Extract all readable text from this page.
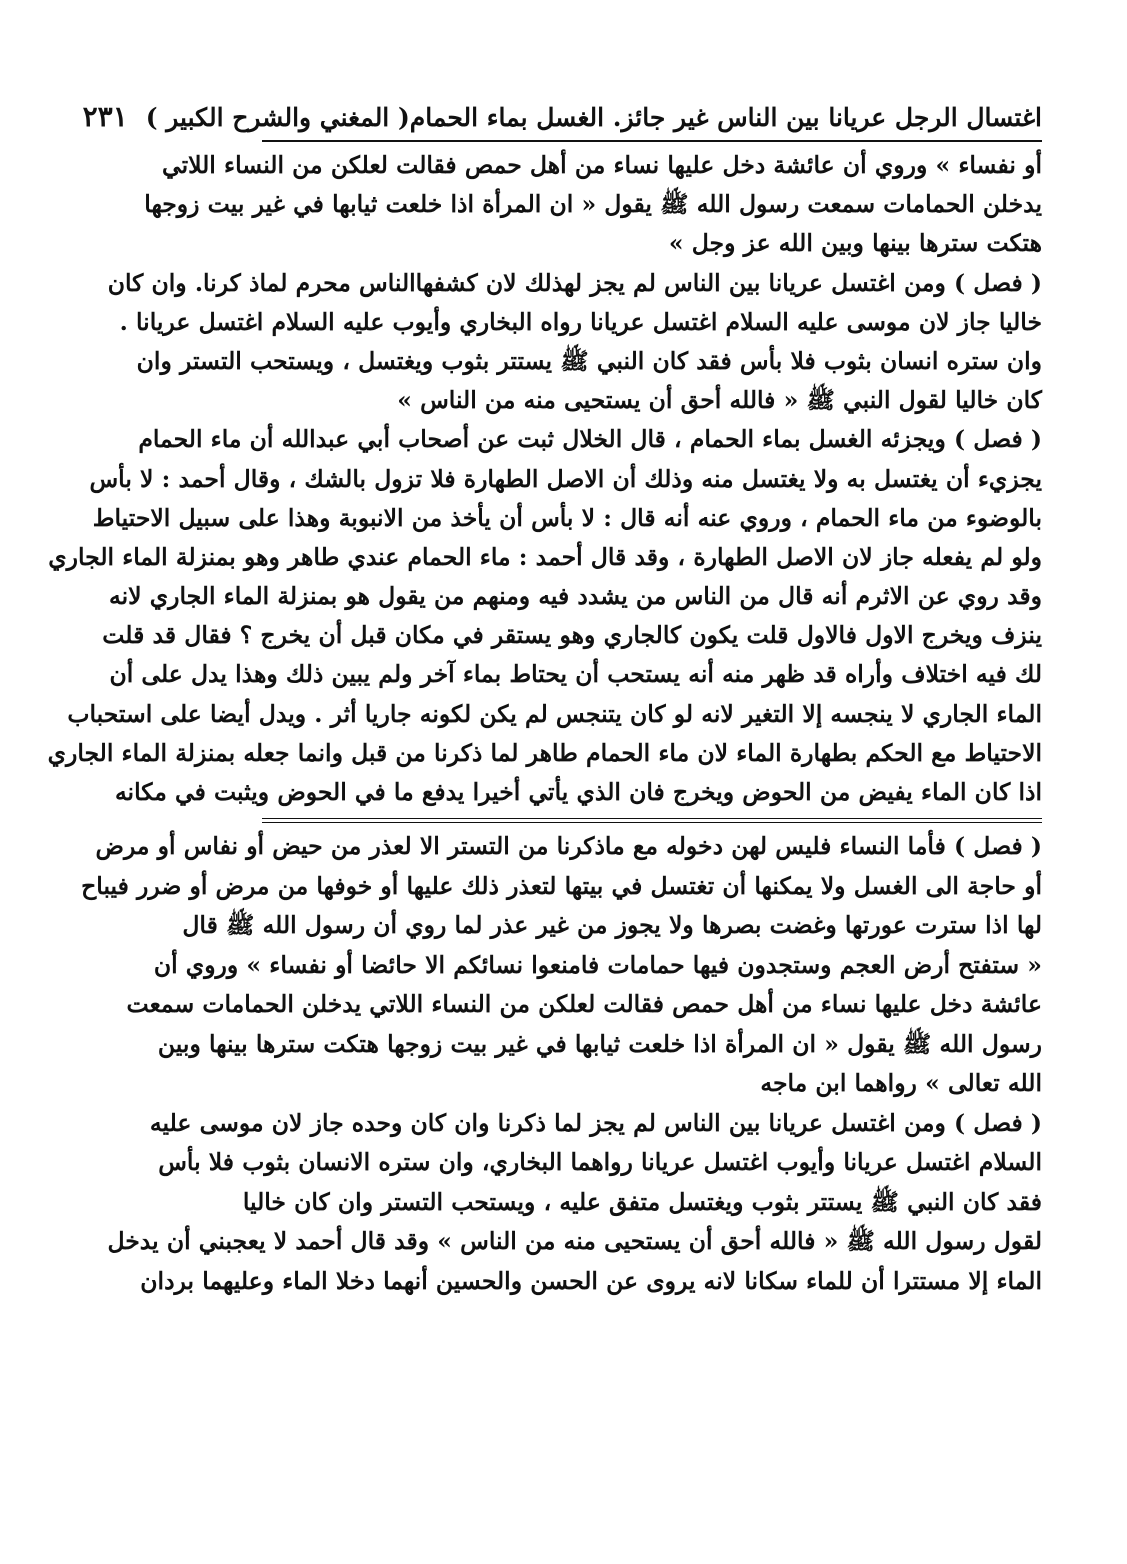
اغتسال الرجل عريانا بين الناس غير جائز. الغسل بماء الحمام
( المغني والشرح الكبير )
٢٣١
أو نفساء » وروي أن عائشة دخل عليها نساء من أهل حمص فقالت لعلكن من النساء اللاتي
يدخلن الحمامات سمعت رسول الله ﷺ يقول « ان المرأة اذا خلعت ثيابها في غير بيت زوجها
هتكت سترها بينها وبين الله عز وجل »
( فصل ) ومن اغتسل عريانا بين الناس لم يجز لهذلك لان كشفهاالناس محرم لماذ كرنا. وان كان
خاليا جاز لان موسى عليه السلام اغتسل عريانا رواه البخاري وأيوب عليه السلام اغتسل عريانا .
وان ستره انسان بثوب فلا بأس فقد كان النبي ﷺ يستتر بثوب ويغتسل ، ويستحب التستر وان
كان خاليا لقول النبي ﷺ « فالله أحق أن يستحيى منه من الناس »
( فصل ) ويجزئه الغسل بماء الحمام ، قال الخلال ثبت عن أصحاب أبي عبدالله أن ماء الحمام
يجزيء أن يغتسل به ولا يغتسل منه وذلك أن الاصل الطهارة فلا تزول بالشك ، وقال أحمد : لا بأس
بالوضوء من ماء الحمام ، وروي عنه أنه قال : لا بأس أن يأخذ من الانبوبة وهذا على سبيل الاحتياط
ولو لم يفعله جاز لان الاصل الطهارة ، وقد قال أحمد : ماء الحمام عندي طاهر وهو بمنزلة الماء الجاري
وقد روي عن الاثرم أنه قال من الناس من يشدد فيه ومنهم من يقول هو بمنزلة الماء الجاري لانه
ينزف ويخرج الاول فالاول قلت يكون كالجاري وهو يستقر في مكان قبل أن يخرج ؟ فقال قد قلت
لك فيه اختلاف وأراه قد ظهر منه أنه يستحب أن يحتاط بماء آخر ولم يبين ذلك وهذا يدل على أن
الماء الجاري لا ينجسه إلا التغير لانه لو كان يتنجس لم يكن لكونه جاريا أثر . ويدل أيضا على استحباب
الاحتياط مع الحكم بطهارة الماء لان ماء الحمام طاهر لما ذكرنا من قبل وانما جعله بمنزلة الماء الجاري
اذا كان الماء يفيض من الحوض ويخرج فان الذي يأتي أخيرا يدفع ما في الحوض ويثبت في مكانه
( فصل ) فأما النساء فليس لهن دخوله مع ماذكرنا من التستر الا لعذر من حيض أو نفاس أو مرض
أو حاجة الى الغسل ولا يمكنها أن تغتسل في بيتها لتعذر ذلك عليها أو خوفها من مرض أو ضرر فيباح
لها اذا سترت عورتها وغضت بصرها ولا يجوز من غير عذر لما روي أن رسول الله ﷺ قال
« ستفتح أرض العجم وستجدون فيها حمامات فامنعوا نسائكم الا حائضا أو نفساء » وروي أن
عائشة دخل عليها نساء من أهل حمص فقالت لعلكن من النساء اللاتي يدخلن الحمامات سمعت
رسول الله ﷺ يقول « ان المرأة اذا خلعت ثيابها في غير بيت زوجها هتكت سترها بينها وبين
الله تعالى » رواهما ابن ماجه
( فصل ) ومن اغتسل عريانا بين الناس لم يجز لما ذكرنا وان كان وحده جاز لان موسى عليه
السلام اغتسل عريانا وأيوب اغتسل عريانا رواهما البخاري، وان ستره الانسان بثوب فلا بأس
فقد كان النبي ﷺ يستتر بثوب ويغتسل متفق عليه ، ويستحب التستر وان كان خاليا
لقول رسول الله ﷺ « فالله أحق أن يستحيى منه من الناس » وقد قال أحمد لا يعجبني أن يدخل
الماء إلا مستترا أن للماء سكانا لانه يروى عن الحسن والحسين أنهما دخلا الماء وعليهما بردان
